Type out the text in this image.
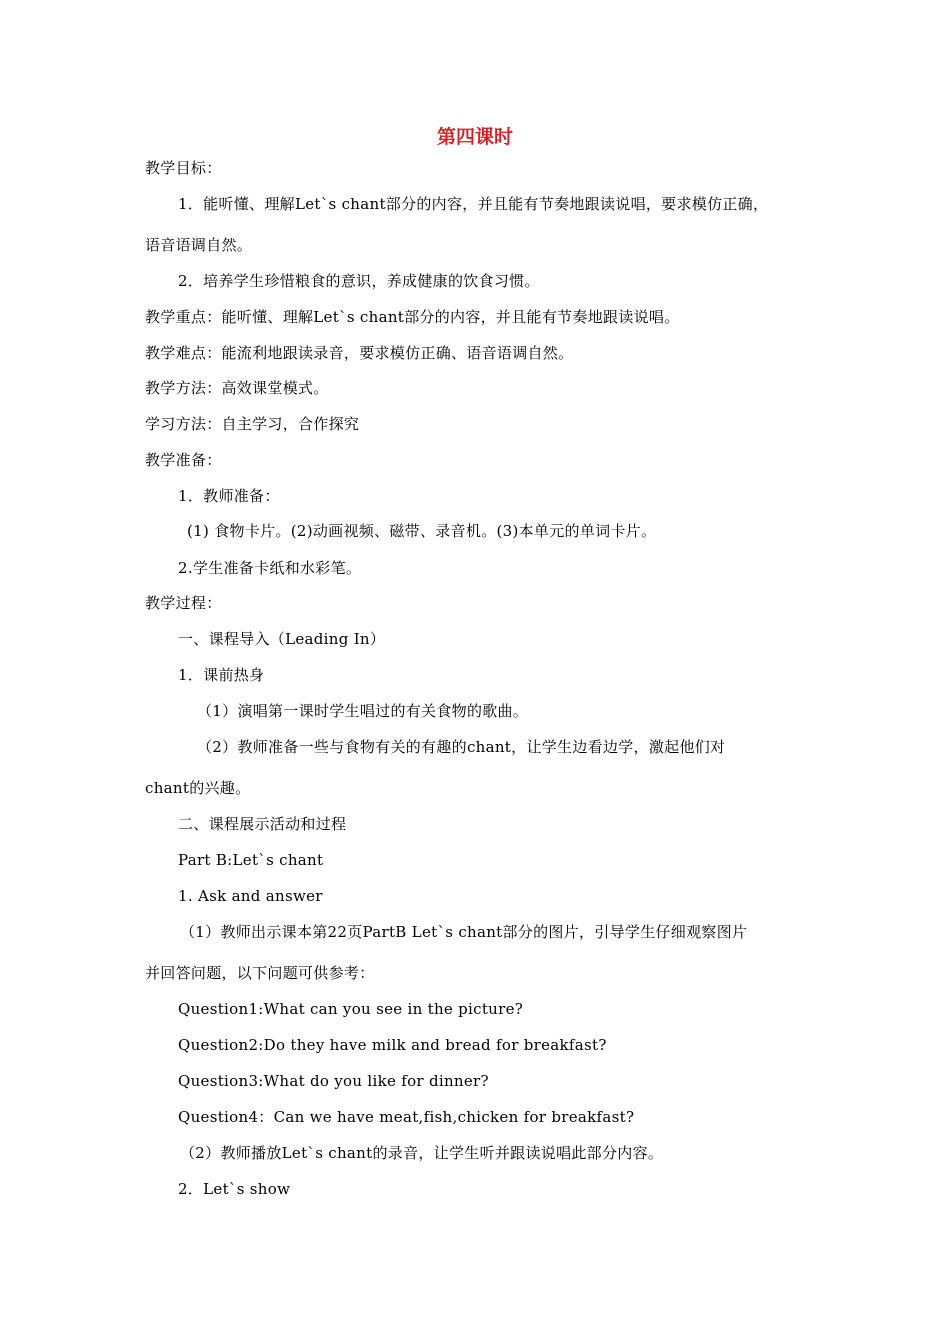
第四课时
教学目标：
1．能听懂、理解Let`s chant部分的内容，并且能有节奏地跟读说唱，要求模仿正确，
语音语调自然。
2．培养学生珍惜粮食的意识，养成健康的饮食习惯。
教学重点：能听懂、理解Let`s chant部分的内容，并且能有节奏地跟读说唱。
教学难点：能流利地跟读录音，要求模仿正确、语音语调自然。
教学方法：高效课堂模式。
学习方法：自主学习，合作探究
教学准备：
1．教师准备：
(1) 食物卡片。(2)动画视频、磁带、录音机。(3)本单元的单词卡片。
2.学生准备卡纸和水彩笔。
教学过程：
一、课程导入（Leading In）
1．课前热身
（1）演唱第一课时学生唱过的有关食物的歌曲。
（2）教师准备一些与食物有关的有趣的chant，让学生边看边学，激起他们对
chant的兴趣。
二、课程展示活动和过程
Part B:Let`s chant
1. Ask and answer
（1）教师出示课本第22页PartB Let`s chant部分的图片，引导学生仔细观察图片
并回答问题，以下问题可供参考：
Question1:What can you see in the picture?
Question2:Do they have milk and bread for breakfast?
Question3:What do you like for dinner?
Question4：Can we have meat,fish,chicken for breakfast?
（2）教师播放Let`s chant的录音，让学生听并跟读说唱此部分内容。
2．Let`s show
